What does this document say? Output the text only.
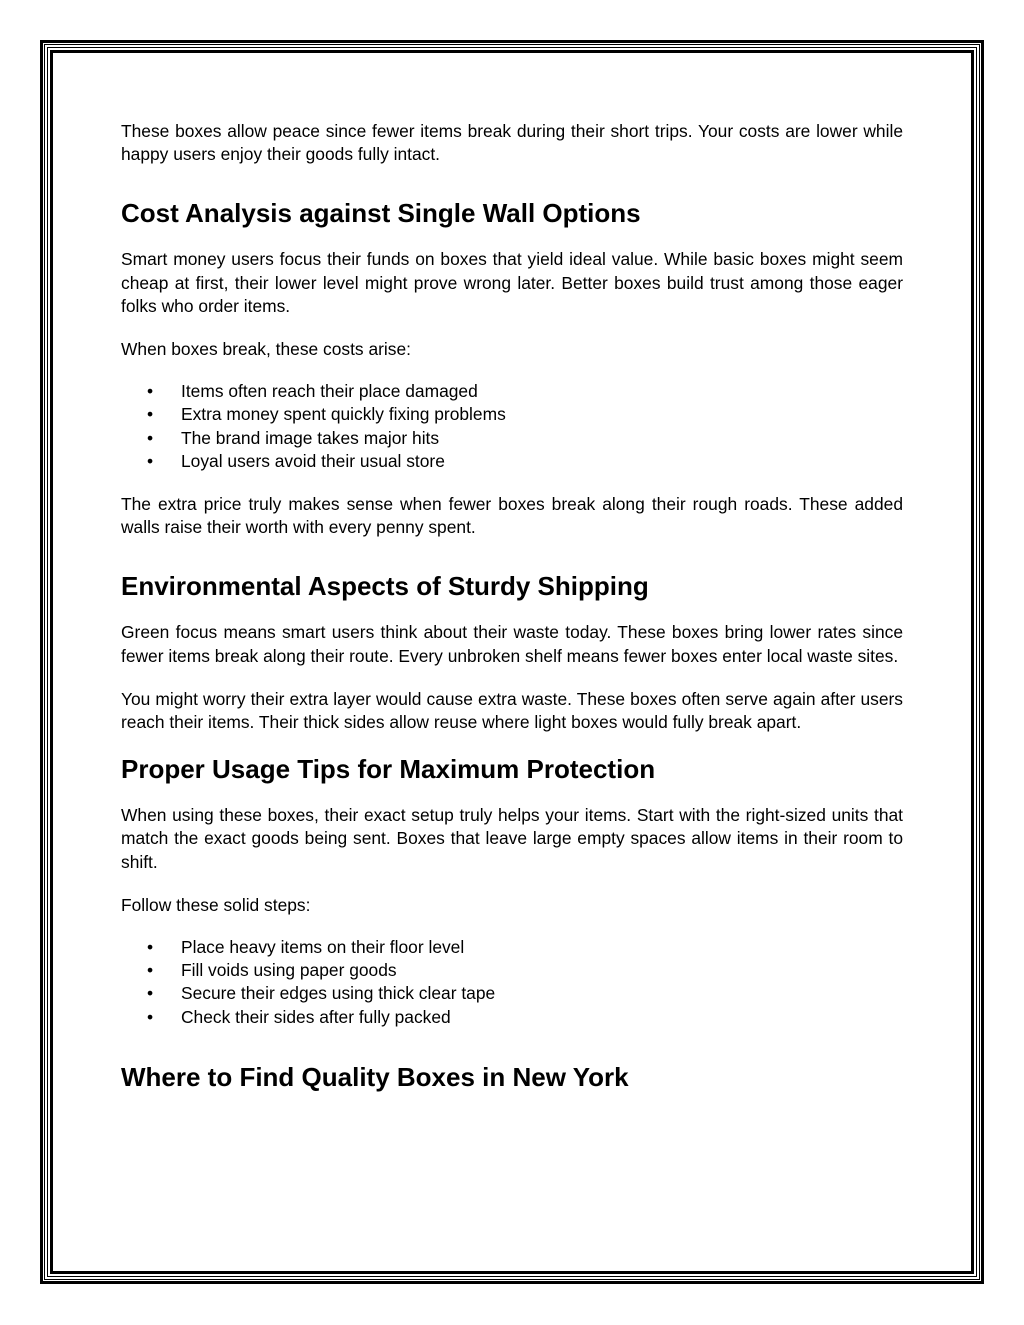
These boxes allow peace since fewer items break during their short trips. Your costs are lower while happy users enjoy their goods fully intact.

Cost Analysis against Single Wall Options

Smart money users focus their funds on boxes that yield ideal value. While basic boxes might seem cheap at first, their lower level might prove wrong later. Better boxes build trust among those eager folks who order items.

When boxes break, these costs arise:

• Items often reach their place damaged
• Extra money spent quickly fixing problems
• The brand image takes major hits
• Loyal users avoid their usual store

The extra price truly makes sense when fewer boxes break along their rough roads. These added walls raise their worth with every penny spent.

Environmental Aspects of Sturdy Shipping

Green focus means smart users think about their waste today. These boxes bring lower rates since fewer items break along their route. Every unbroken shelf means fewer boxes enter local waste sites.

You might worry their extra layer would cause extra waste. These boxes often serve again after users reach their items. Their thick sides allow reuse where light boxes would fully break apart.

Proper Usage Tips for Maximum Protection

When using these boxes, their exact setup truly helps your items. Start with the right-sized units that match the exact goods being sent. Boxes that leave large empty spaces allow items in their room to shift.

Follow these solid steps:

• Place heavy items on their floor level
• Fill voids using paper goods
• Secure their edges using thick clear tape
• Check their sides after fully packed
Where to Find Quality Boxes in New York
